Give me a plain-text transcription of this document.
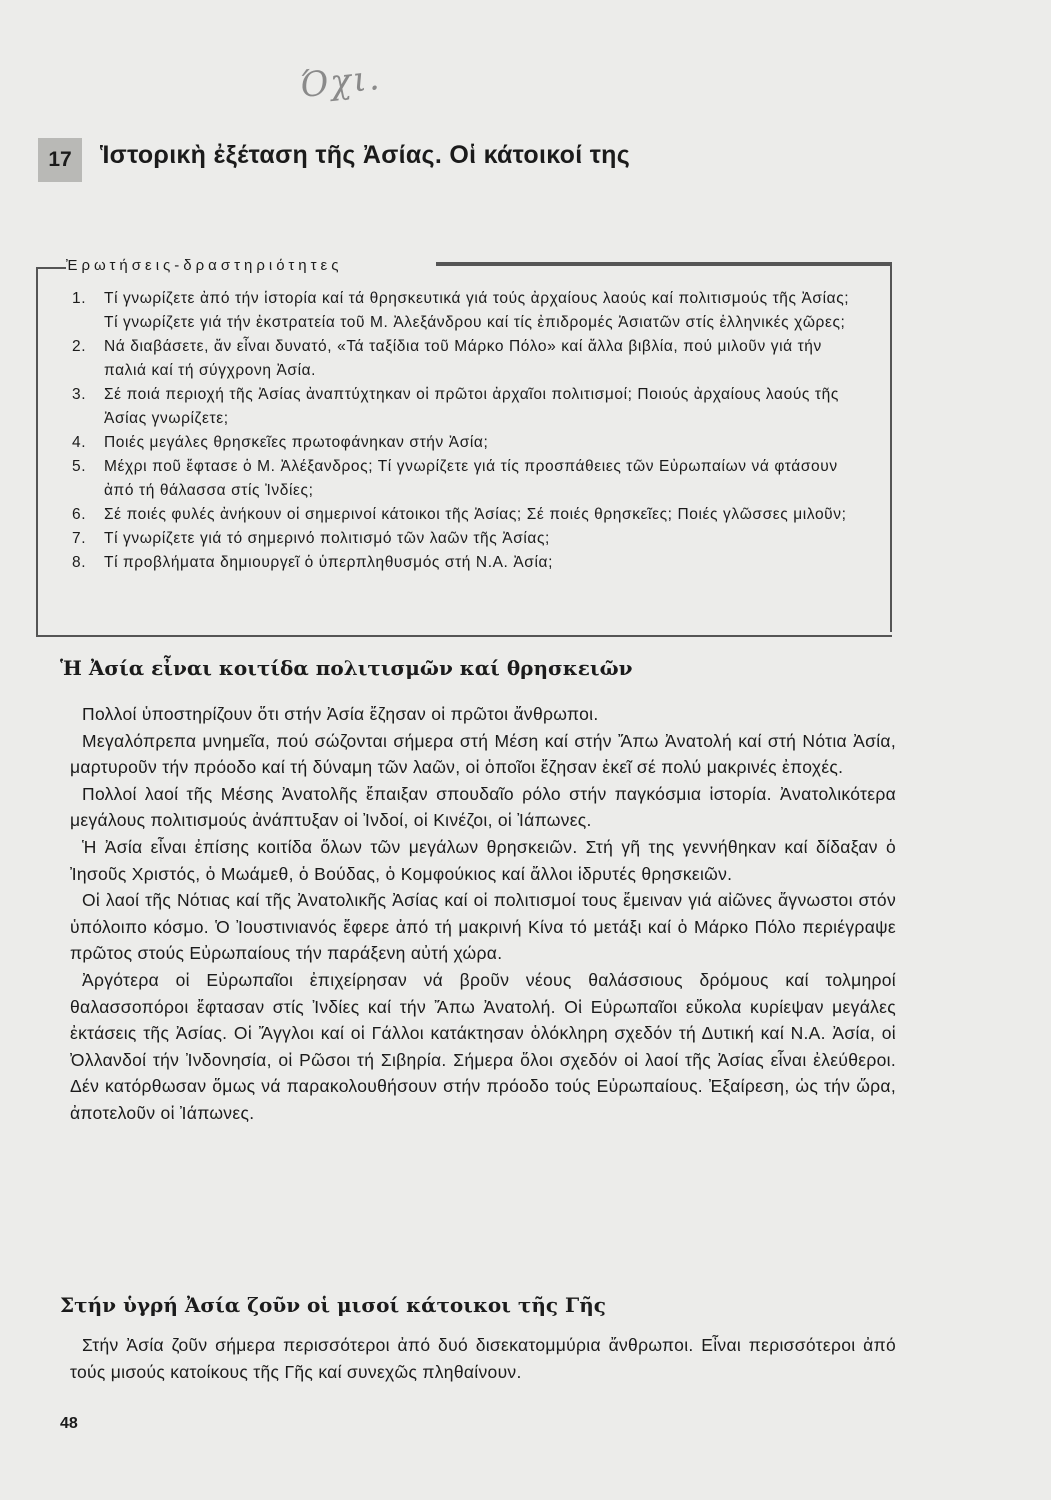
Όχι.
17	Ἱστορικὴ ἐξέταση τῆς Ἀσίας. Οἱ κάτοικοί της
Ἐρωτήσεις-δραστηριότητες
1. Τί γνωρίζετε ἀπό τήν ἱστορία καί τά θρησκευτικά γιά τούς ἀρχαίους λαούς καί πολιτισμούς τῆς Ἀσίας; Τί γνωρίζετε γιά τήν ἐκστρατεία τοῦ Μ. Ἀλεξάνδρου καί τίς ἐπιδρομές Ἀσιατῶν στίς ἑλληνικές χῶρες;
2. Νά διαβάσετε, ἄν εἶναι δυνατό, «Τά ταξίδια τοῦ Μάρκο Πόλο» καί ἄλλα βιβλία, πού μιλοῦν γιά τήν παλιά καί τή σύγχρονη Ἀσία.
3. Σέ ποιά περιοχή τῆς Ἀσίας ἀναπτύχτηκαν οἱ πρῶτοι ἀρχαῖοι πολιτισμοί; Ποιούς ἀρχαίους λαούς τῆς Ἀσίας γνωρίζετε;
4. Ποιές μεγάλες θρησκεῖες πρωτοφάνηκαν στήν Ἀσία;
5. Μέχρι ποῦ ἔφτασε ὁ Μ. Ἀλέξανδρος; Τί γνωρίζετε γιά τίς προσπάθειες τῶν Εὐρωπαίων νά φτάσουν ἀπό τή θάλασσα στίς Ἰνδίες;
6. Σέ ποιές φυλές ἀνήκουν οἱ σημερινοί κάτοικοι τῆς Ἀσίας; Σέ ποιές θρησκεῖες; Ποιές γλῶσσες μιλοῦν;
7. Τί γνωρίζετε γιά τό σημερινό πολιτισμό τῶν λαῶν τῆς Ἀσίας;
8. Τί προβλήματα δημιουργεῖ ὁ ὑπερπληθυσμός στή Ν.Α. Ἀσία;
Ἡ Ἀσία εἶναι κοιτίδα πολιτισμῶν καί θρησκειῶν

Πολλοί ὑποστηρίζουν ὅτι στήν Ἀσία ἔζησαν οἱ πρῶτοι ἄνθρωποι.

Μεγαλόπρεπα μνημεῖα, πού σώζονται σήμερα στή Μέση καί στήν Ἄπω Ἀνατολή καί στή Νότια Ἀσία, μαρτυροῦν τήν πρόοδο καί τή δύναμη τῶν λαῶν, οἱ ὁποῖοι ἔζησαν ἐκεῖ σέ πολύ μακρινές ἐποχές.

Πολλοί λαοί τῆς Μέσης Ἀνατολῆς ἔπαιξαν σπουδαῖο ρόλο στήν παγκόσμια ἱστορία. Ἀνατολικότερα μεγάλους πολιτισμούς ἀνάπτυξαν οἱ Ἰνδοί, οἱ Κινέζοι, οἱ Ἰάπωνες.

Ἡ Ἀσία εἶναι ἐπίσης κοιτίδα ὅλων τῶν μεγάλων θρησκειῶν. Στή γῆ της γεννήθηκαν καί δίδαξαν ὁ Ἰησοῦς Χριστός, ὁ Μωάμεθ, ὁ Βούδας, ὁ Κομφούκιος καί ἄλλοι ἱδρυτές θρησκειῶν.

Οἱ λαοί τῆς Νότιας καί τῆς Ἀνατολικῆς Ἀσίας καί οἱ πολιτισμοί τους ἔμειναν γιά αἰῶνες ἄγνωστοι στόν ὑπόλοιπο κόσμο. Ὁ Ἰουστινιανός ἔφερε ἀπό τή μακρινή Κίνα τό μετάξι καί ὁ Μάρκο Πόλο περιέγραψε πρῶτος στούς Εὐρωπαίους τήν παράξενη αὐτή χώρα.

Ἀργότερα οἱ Εὐρωπαῖοι ἐπιχείρησαν νά βροῦν νέους θαλάσσιους δρόμους καί τολμηροί θαλασσοπόροι ἔφτασαν στίς Ἰνδίες καί τήν Ἄπω Ἀνατολή. Οἱ Εὐρωπαῖοι εὔκολα κυρίεψαν μεγάλες ἐκτάσεις τῆς Ἀσίας. Οἱ Ἄγγλοι καί οἱ Γάλλοι κατάκτησαν ὁλόκληρη σχεδόν τή Δυτική καί Ν.Α. Ἀσία, οἱ Ὀλλανδοί τήν Ἰνδονησία, οἱ Ρῶσοι τή Σιβηρία. Σήμερα ὅλοι σχεδόν οἱ λαοί τῆς Ἀσίας εἶναι ἐλεύθεροι. Δέν κατόρθωσαν ὅμως νά παρακολουθήσουν στήν πρόοδο τούς Εὐρωπαίους. Ἐξαίρεση, ὡς τήν ὥρα, ἀποτελοῦν οἱ Ἰάπωνες.

Στήν ὑγρή Ἀσία ζοῦν οἱ μισοί κάτοικοι τῆς Γῆς

Στήν Ἀσία ζοῦν σήμερα περισσότεροι ἀπό δυό δισεκατομμύρια ἄνθρωποι. Εἶναι περισσότεροι ἀπό τούς μισούς κατοίκους τῆς Γῆς καί συνεχῶς πληθαίνουν.

48
